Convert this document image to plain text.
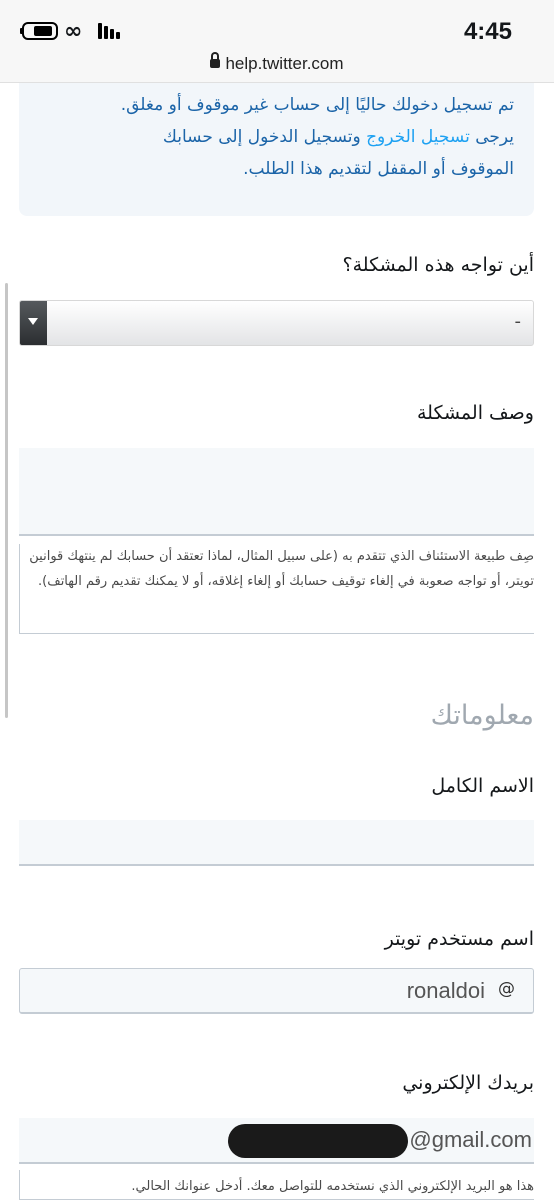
∞	4:45
help.twitter.com
تم تسجيل دخولك حاليًا إلى حساب غير موقوف أو مغلق.
يرجى تسجيل الخروج وتسجيل الدخول إلى حسابك
الموقوف أو المقفل لتقديم هذا الطلب.
أين تواجه هذه المشكلة؟
-
وصف المشكلة
صِف طبيعة الاستئناف الذي تتقدم به (على سبيل المثال، لماذا تعتقد أن حسابك لم ينتهك قوانين تويتر، أو تواجه صعوبة في إلغاء توقيف حسابك أو إلغاء إغلاقه، أو لا يمكنك تقديم رقم الهاتف).
معلوماتك
الاسم الكامل
اسم مستخدم تويتر
@
ronaldoi
بريدك الإلكتروني
@gmail.com
هذا هو البريد الإلكتروني الذي نستخدمه للتواصل معك. أدخل عنوانك الحالي.
